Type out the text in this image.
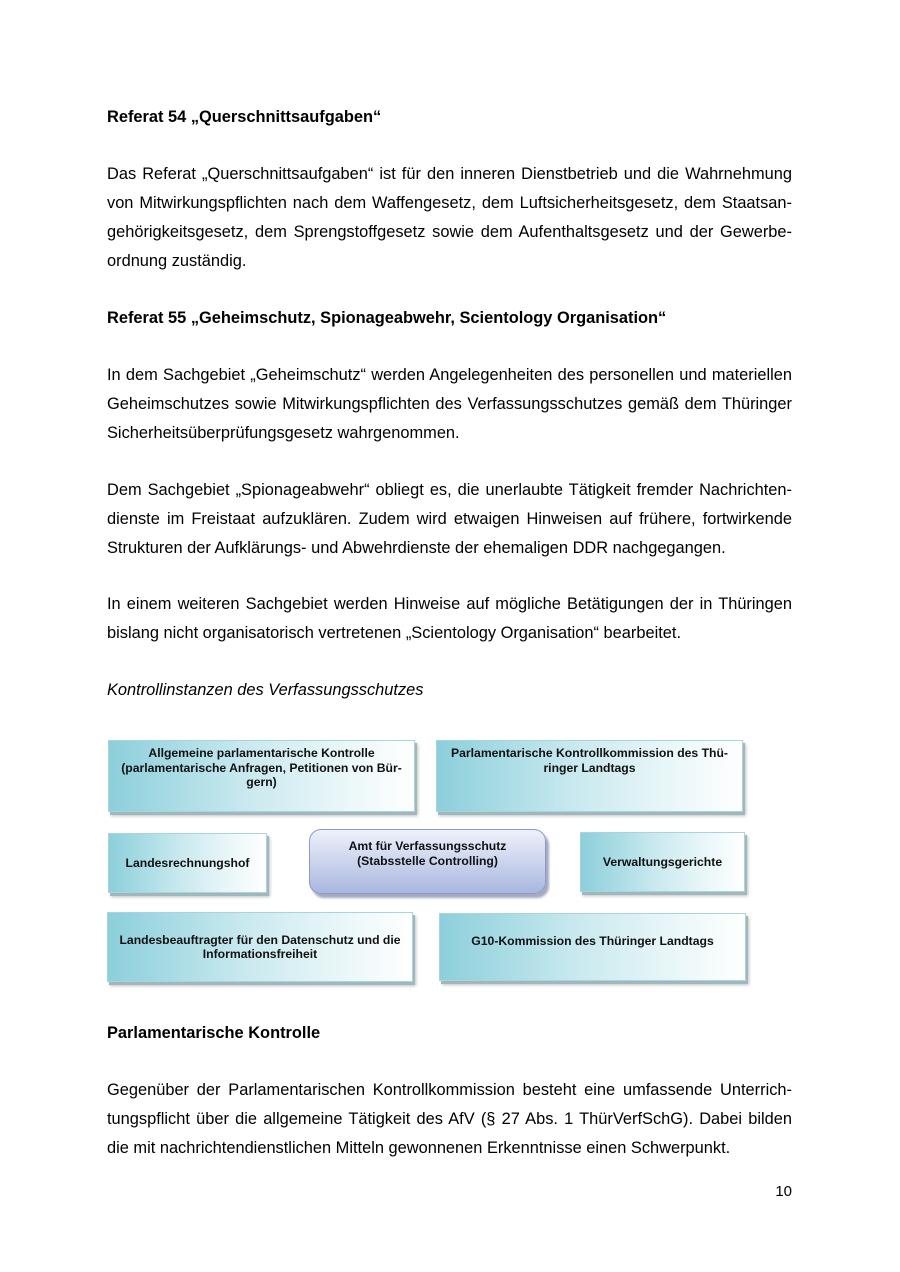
Referat 54 „Querschnittsaufgaben“
Das Referat „Querschnittsaufgaben“ ist für den inneren Dienstbetrieb und die Wahrnehmung
von Mitwirkungspflichten nach dem Waffengesetz, dem Luftsicherheitsgesetz, dem Staatsan-
gehörigkeitsgesetz, dem Sprengstoffgesetz sowie dem Aufenthaltsgesetz und der Gewerbe-
ordnung zuständig.
Referat 55 „Geheimschutz, Spionageabwehr, Scientology Organisation“
In dem Sachgebiet „Geheimschutz“ werden Angelegenheiten des personellen und materiellen
Geheimschutzes sowie Mitwirkungspflichten des Verfassungsschutzes gemäß dem Thüringer
Sicherheitsüberprüfungsgesetz wahrgenommen.
Dem Sachgebiet „Spionageabwehr“ obliegt es, die unerlaubte Tätigkeit fremder Nachrichten-
dienste im Freistaat aufzuklären. Zudem wird etwaigen Hinweisen auf frühere, fortwirkende
Strukturen der Aufklärungs- und Abwehrdienste der ehemaligen DDR nachgegangen.
In einem weiteren Sachgebiet werden Hinweise auf mögliche Betätigungen der in Thüringen
bislang nicht organisatorisch vertretenen „Scientology Organisation“ bearbeitet.
Kontrollinstanzen des Verfassungsschutzes
Allgemeine parlamentarische Kontrolle
(parlamentarische Anfragen, Petitionen von Bür-
gern)
Parlamentarische Kontrollkommission des Thü-
ringer Landtags
Landesrechnungshof
Amt für Verfassungsschutz
(Stabsstelle Controlling)	Verwaltungsgerichte
Landesbeauftragter für den Datenschutz und die
Informationsfreiheit
G10-Kommission des Thüringer Landtags
Parlamentarische Kontrolle
Gegenüber der Parlamentarischen Kontrollkommission besteht eine umfassende Unterrich-
tungspflicht über die allgemeine Tätigkeit des AfV (§ 27 Abs. 1 ThürVerfSchG). Dabei bilden
die mit nachrichtendienstlichen Mitteln gewonnenen Erkenntnisse einen Schwerpunkt.
10
